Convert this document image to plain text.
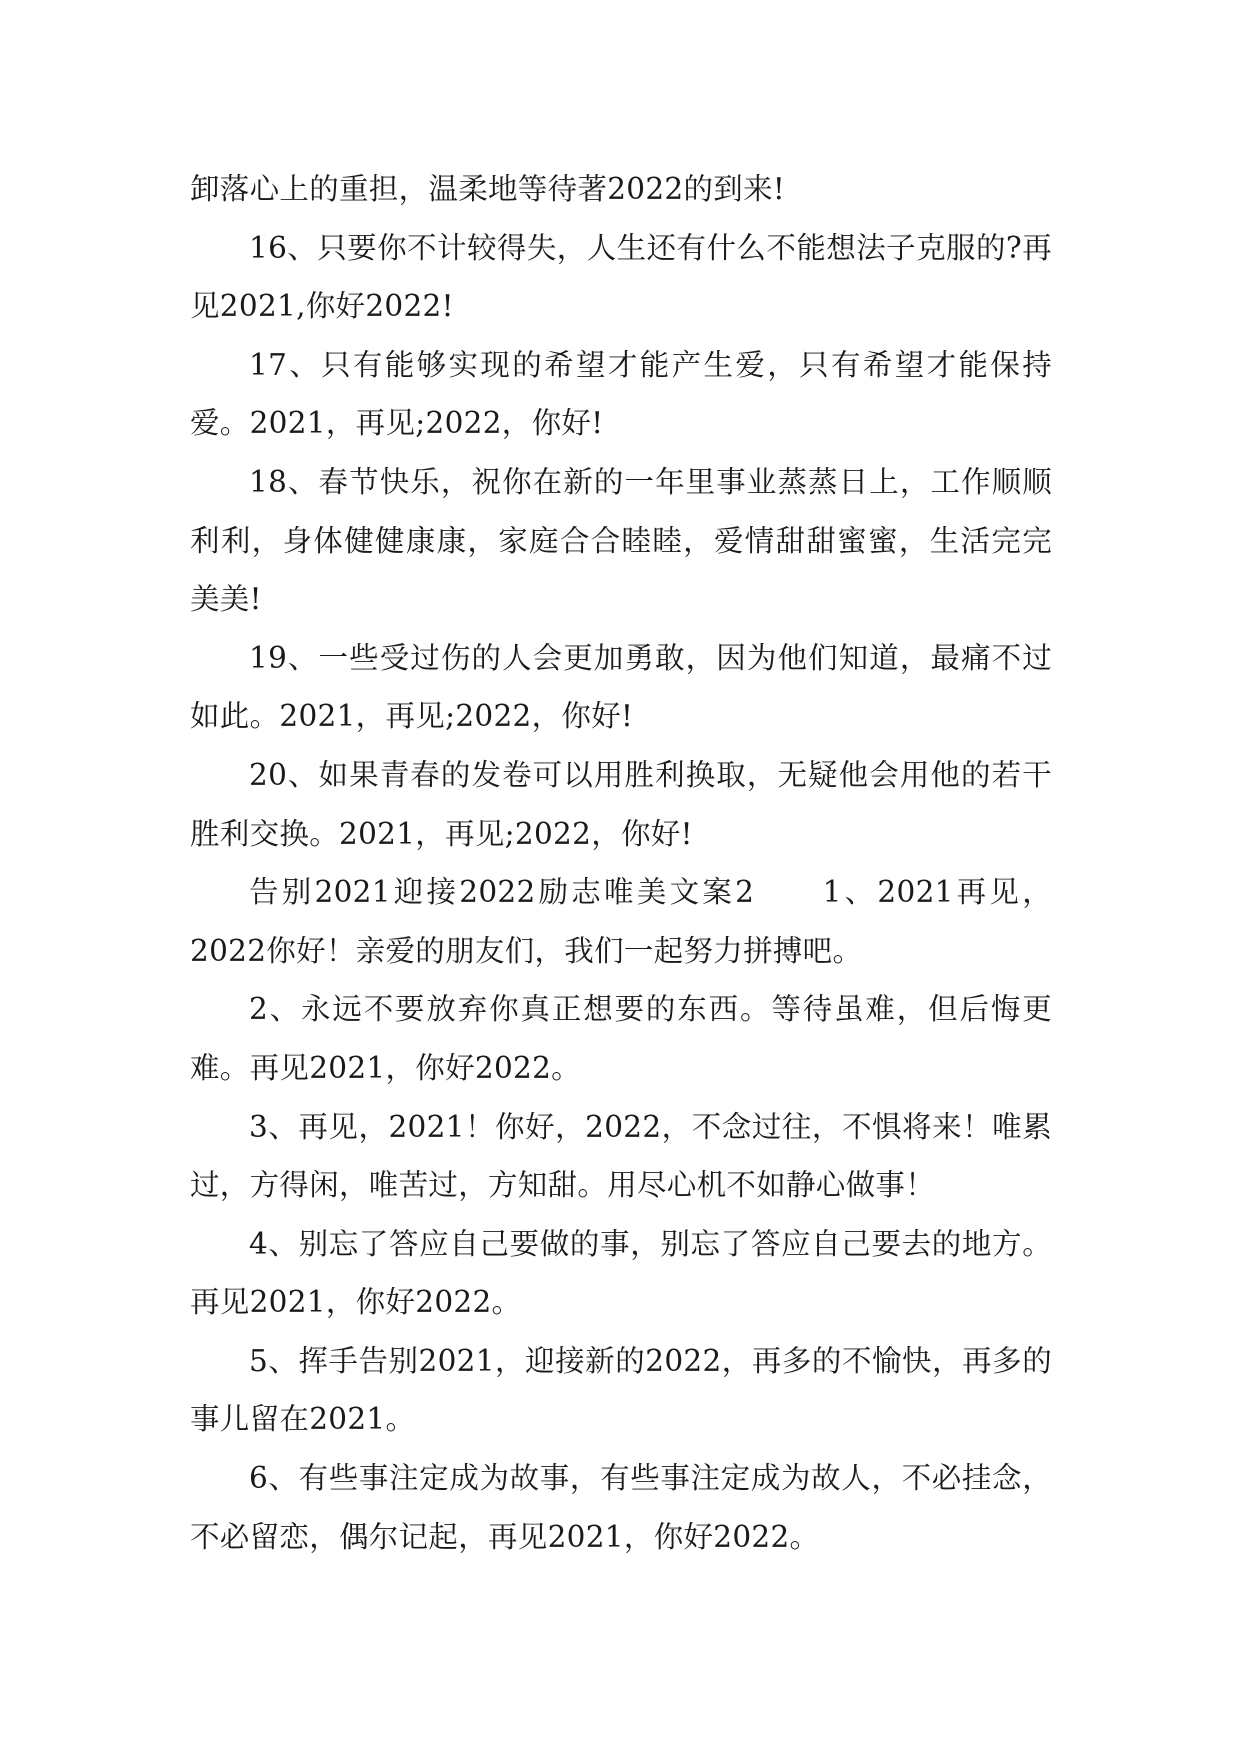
卸落心上的重担，温柔地等待著2022的到来!

16、只要你不计较得失，人生还有什么不能想法子克服的?再见2021,你好2022!

17、只有能够实现的希望才能产生爱，只有希望才能保持爱。2021，再见;2022，你好!

18、春节快乐，祝你在新的一年里事业蒸蒸日上，工作顺顺利利，身体健健康康，家庭合合睦睦，爱情甜甜蜜蜜，生活完完美美!

19、一些受过伤的人会更加勇敢，因为他们知道，最痛不过如此。2021，再见;2022，你好!

20、如果青春的发卷可以用胜利换取，无疑他会用他的若干胜利交换。2021，再见;2022，你好!

告别2021迎接2022励志唯美文案2　　1、2021再见，2022你好！亲爱的朋友们，我们一起努力拼搏吧。

2、永远不要放弃你真正想要的东西。等待虽难，但后悔更难。再见2021，你好2022。

3、再见，2021！你好，2022，不念过往，不惧将来！唯累过，方得闲，唯苦过，方知甜。用尽心机不如静心做事！

4、别忘了答应自己要做的事，别忘了答应自己要去的地方。再见2021，你好2022。

5、挥手告别2021，迎接新的2022，再多的不愉快，再多的事儿留在2021。

6、有些事注定成为故事，有些事注定成为故人，不必挂念，不必留恋，偶尔记起，再见2021，你好2022。
